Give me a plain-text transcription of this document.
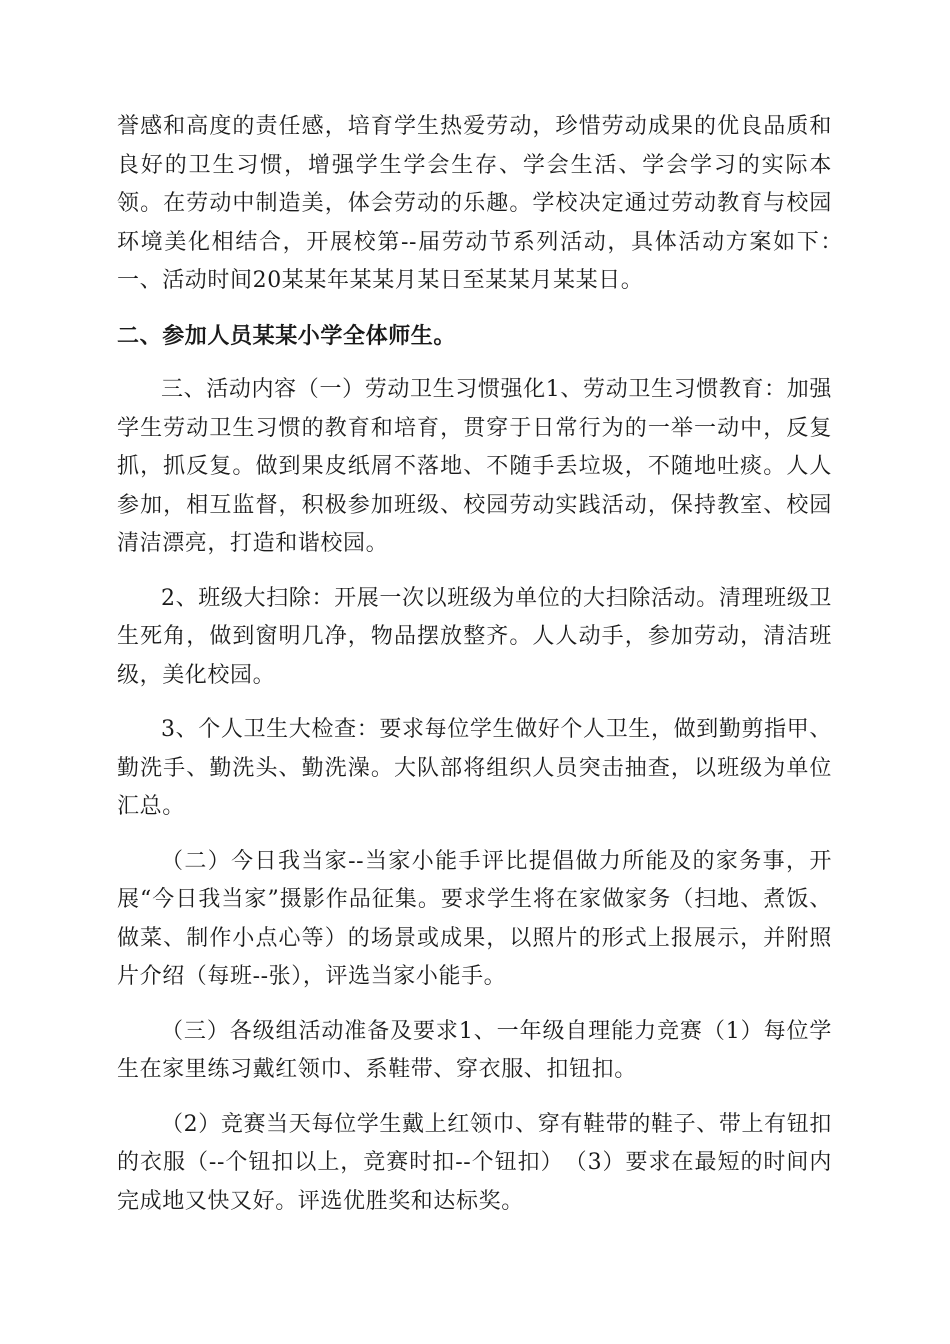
誉感和高度的责任感，培育学生热爱劳动，珍惜劳动成果的优良品质和良好的卫生习惯，增强学生学会生存、学会生活、学会学习的实际本领。在劳动中制造美，体会劳动的乐趣。学校决定通过劳动教育与校园环境美化相结合，开展校第--届劳动节系列活动，具体活动方案如下：　一、活动时间20某某年某某月某日至某某月某某日。

二、参加人员某某小学全体师生。

三、活动内容（一）劳动卫生习惯强化1、劳动卫生习惯教育：加强学生劳动卫生习惯的教育和培育，贯穿于日常行为的一举一动中，反复抓，抓反复。做到果皮纸屑不落地、不随手丢垃圾，不随地吐痰。人人参加，相互监督，积极参加班级、校园劳动实践活动，保持教室、校园清洁漂亮，打造和谐校园。

2、班级大扫除：开展一次以班级为单位的大扫除活动。清理班级卫生死角，做到窗明几净，物品摆放整齐。人人动手，参加劳动，清洁班级，美化校园。

3、个人卫生大检查：要求每位学生做好个人卫生，做到勤剪指甲、勤洗手、勤洗头、勤洗澡。大队部将组织人员突击抽查，以班级为单位汇总。

（二）今日我当家--当家小能手评比提倡做力所能及的家务事，开展“今日我当家”摄影作品征集。要求学生将在家做家务（扫地、煮饭、做菜、制作小点心等）的场景或成果，以照片的形式上报展示，并附照片介绍（每班--张），评选当家小能手。

（三）各级组活动准备及要求1、一年级自理能力竞赛（1）每位学生在家里练习戴红领巾、系鞋带、穿衣服、扣钮扣。

（2）竞赛当天每位学生戴上红领巾、穿有鞋带的鞋子、带上有钮扣的衣服（--个钮扣以上，竞赛时扣--个钮扣）　（3）要求在最短的时间内完成地又快又好。评选优胜奖和达标奖。
